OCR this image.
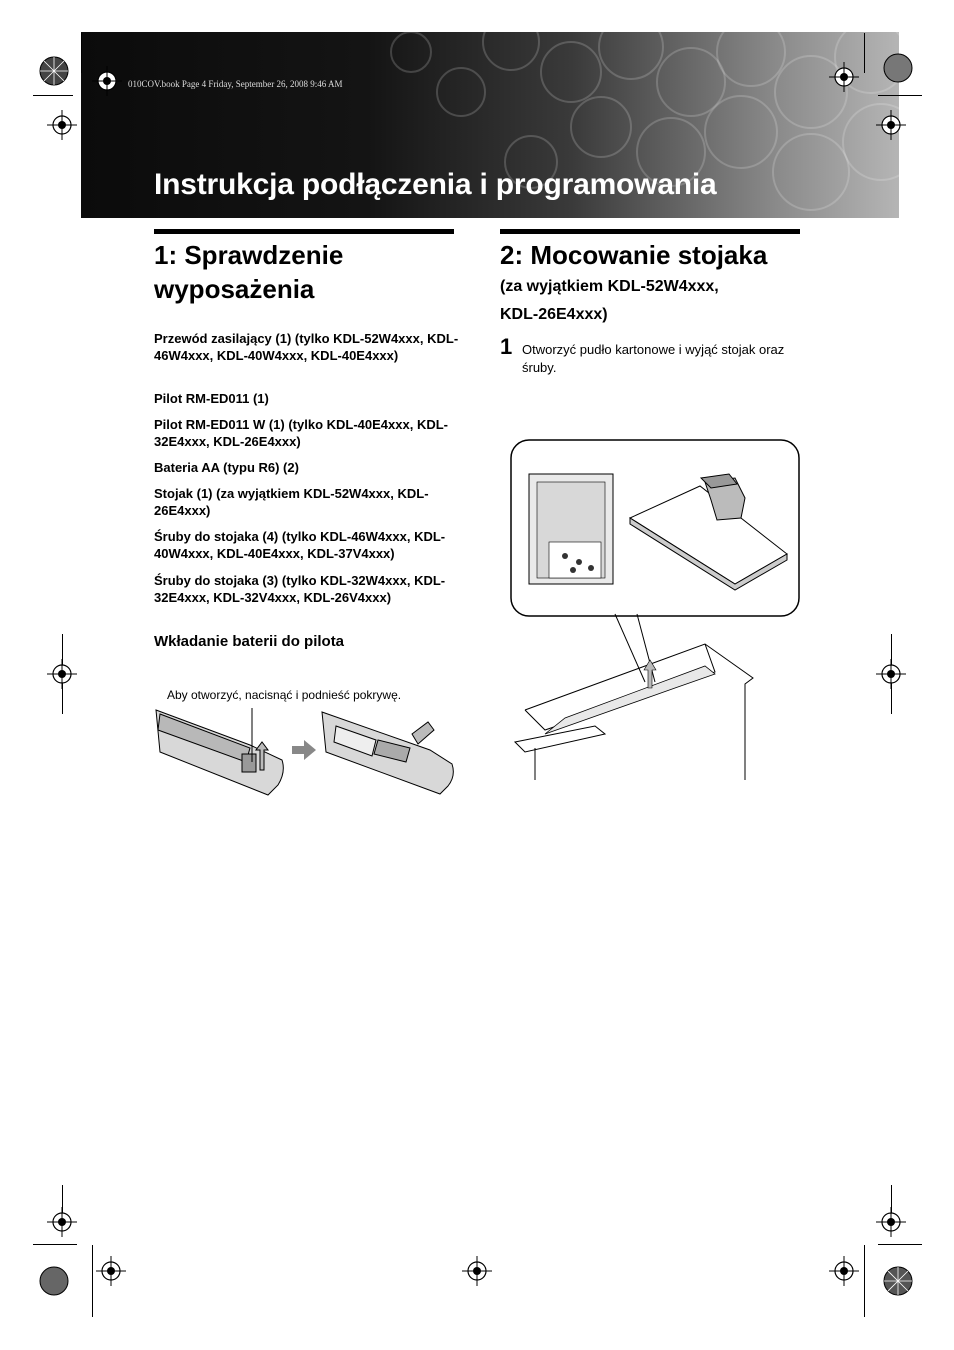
Instrukcja podłączenia i programowania
010COV.book Page 4 Friday, September 26, 2008 9:46 AM
1: Sprawdzenie
wyposażenia
Przewód zasilający (1) (tylko KDL-52W4xxx, KDL-46W4xxx, KDL-40W4xxx, KDL-40E4xxx)
Pilot RM-ED011 (1)
Pilot RM-ED011 W (1) (tylko KDL-40E4xxx, KDL-32E4xxx, KDL-26E4xxx)
Bateria AA (typu R6) (2)
Stojak (1) (za wyjątkiem KDL-52W4xxx, KDL-26E4xxx)
Śruby do stojaka (4) (tylko KDL-46W4xxx, KDL-40W4xxx, KDL-40E4xxx, KDL-37V4xxx)
Śruby do stojaka (3) (tylko KDL-32W4xxx, KDL-32E4xxx, KDL-32V4xxx, KDL-26V4xxx)
Wkładanie baterii do pilota
Aby otworzyć, nacisnąć i podnieść pokrywę.
2: Mocowanie stojaka
(za wyjątkiem KDL-52W4xxx,
KDL-26E4xxx)
1 Otworzyć pudło kartonowe i wyjąć stojak oraz śruby.
